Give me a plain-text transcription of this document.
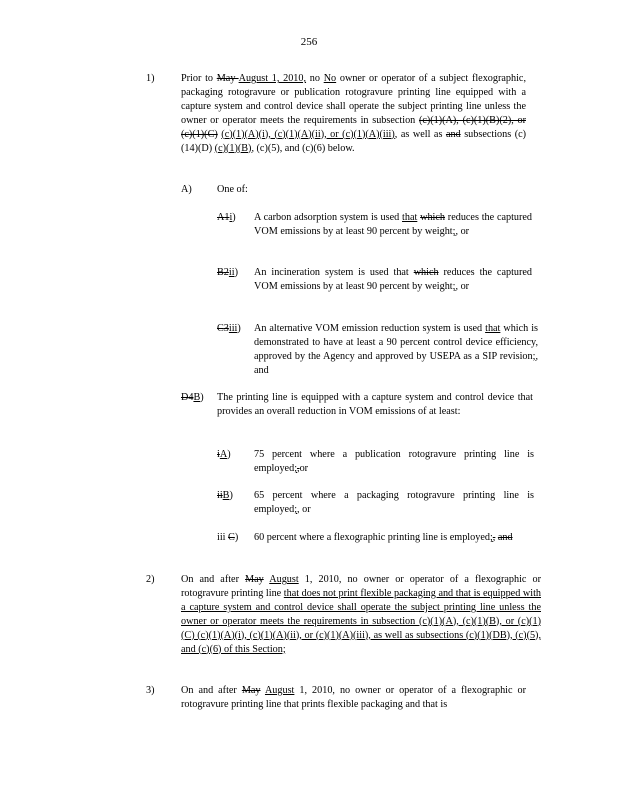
256
1)	Prior to May August 1, 2010, no No owner or operator of a subject flexographic, packaging rotogravure or publication rotogravure printing line equipped with a capture system and control device shall operate the subject printing line unless the owner or operator meets the requirements in subsection (c)(1)(A), (c)(1)(B)(2), or (c)(1)(C) (c)(1)(A)(i), (c)(1)(A)(ii), or (c)(1)(A)(iii), as well as and subsections (c)(14)(D) (c)(1)(B), (c)(5), and (c)(6) below.
A) One of:
A1i) A carbon adsorption system is used that which reduces the captured VOM emissions by at least 90 percent by weight;, or
B2ii) An incineration system is used that which reduces the captured VOM emissions by at least 90 percent by weight;, or
C3iii) An alternative VOM emission reduction system is used that which is demonstrated to have at least a 90 percent control device efficiency, approved by the Agency and approved by USEPA as a SIP revision;, and
D4B) The printing line is equipped with a capture system and control device that provides an overall reduction in VOM emissions of at least:
iA) 75 percent where a publication rotogravure printing line is employed;,or
iiB) 65 percent where a packaging rotogravure printing line is employed;, or
iii C) 60 percent where a flexographic printing line is employed;, and
2)	On and after May August 1, 2010, no owner or operator of a flexographic or rotogravure printing line that does not print flexible packaging and that is equipped with a capture system and control device shall operate the subject printing line unless the owner or operator meets the requirements in subsection (c)(1)(A), (c)(1)(B), or (c)(1)(C) (c)(1)(A)(i), (c)(1)(A)(ii), or (c)(1)(A)(iii), as well as subsections (c)(1)(DB), (c)(5), and (c)(6) of this Section;
3)	On and after May August 1, 2010, no owner or operator of a flexographic or rotogravure printing line that prints flexible packaging and that is
